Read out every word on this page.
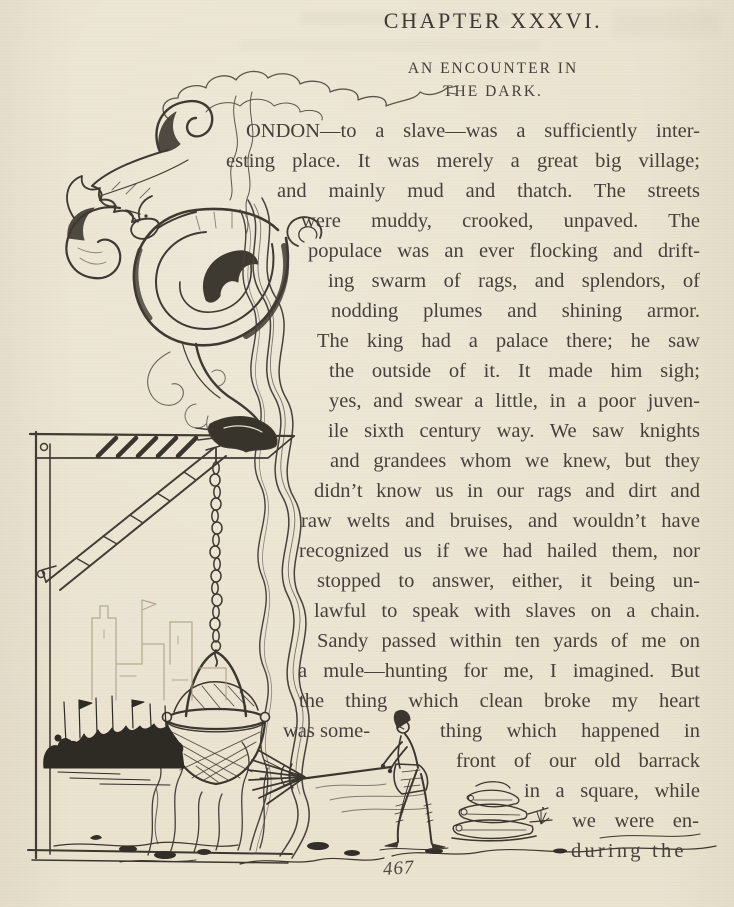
CHAPTER XXXVI.
AN ENCOUNTER IN
THE DARK.
ONDON—to a slave—was a sufficiently inter-
esting place. It was merely a great big village;
and mainly mud and thatch. The streets
were muddy, crooked, unpaved. The
populace was an ever flocking and drift-
ing swarm of rags, and splendors, of
nodding plumes and shining armor.
The king had a palace there; he saw
the outside of it. It made him sigh;
yes, and swear a little, in a poor juven-
ile sixth century way. We saw knights
and grandees whom we knew, but they
didn’t know us in our rags and dirt and
raw welts and bruises, and wouldn’t have
recognized us if we had hailed them, nor
stopped to answer, either, it being un-
lawful to speak with slaves on a chain.
Sandy passed within ten yards of me on
a mule—hunting for me, I imagined. But
the thing which clean broke my heart
was some-	thing which happened in
front of our old barrack
in a square, while
we were en-
during the
467
